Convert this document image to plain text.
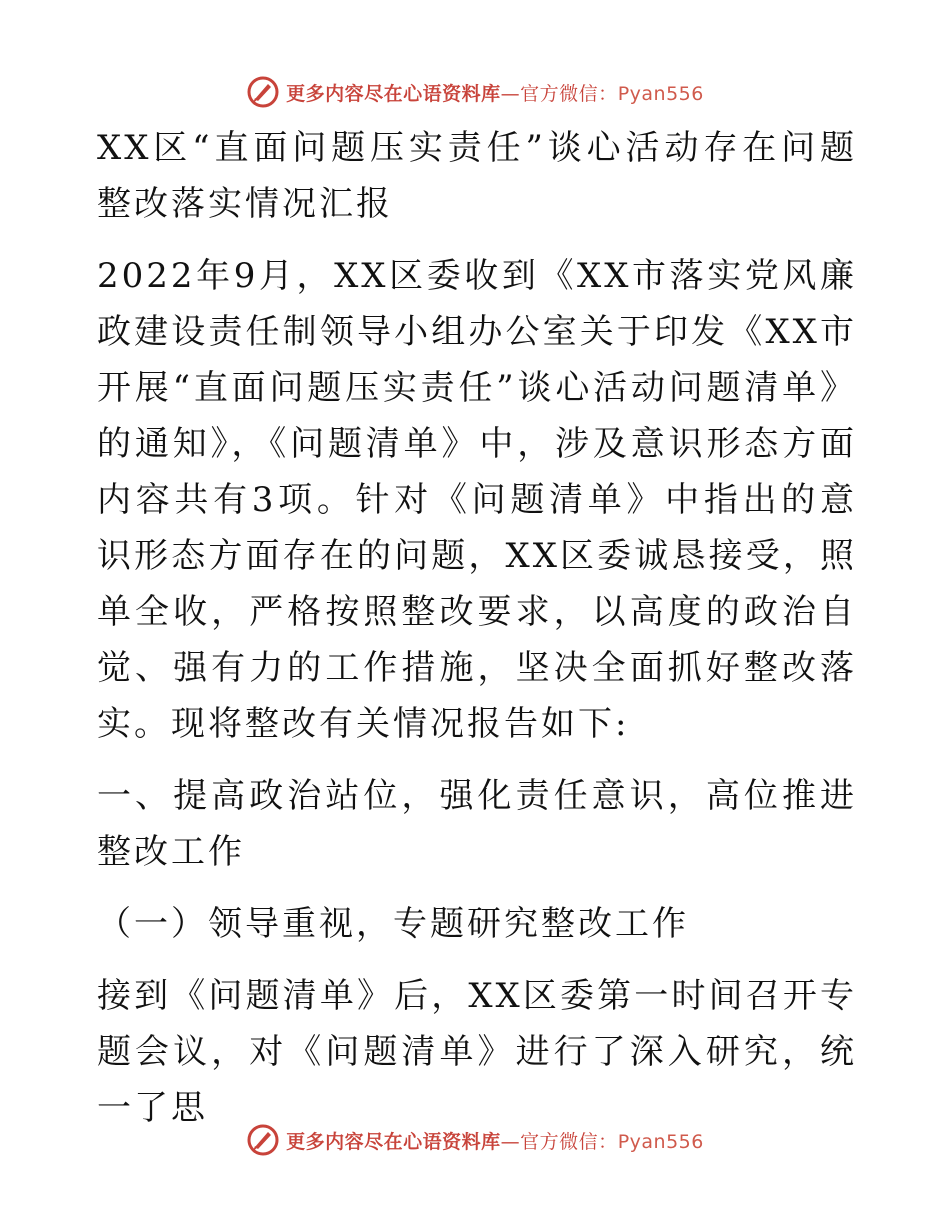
更多内容尽在心语资料库—官方微信：Pyan556

XX区“直面问题压实责任”谈心活动存在问题整改落实情况汇报

2022年9月，XX区委收到《XX市落实党风廉政建设责任制领导小组办公室关于印发《XX市开展“直面问题压实责任”谈心活动问题清单》的通知》，《问题清单》中，涉及意识形态方面内容共有3项。针对《问题清单》中指出的意识形态方面存在的问题，XX区委诚恳接受，照单全收，严格按照整改要求，以高度的政治自觉、强有力的工作措施，坚决全面抓好整改落实。现将整改有关情况报告如下:

一、提高政治站位，强化责任意识，高位推进整改工作

（一）领导重视，专题研究整改工作

接到《问题清单》后，XX区委第一时间召开专题会议，对《问题清单》进行了深入研究，统一了思

更多内容尽在心语资料库—官方微信：Pyan556
